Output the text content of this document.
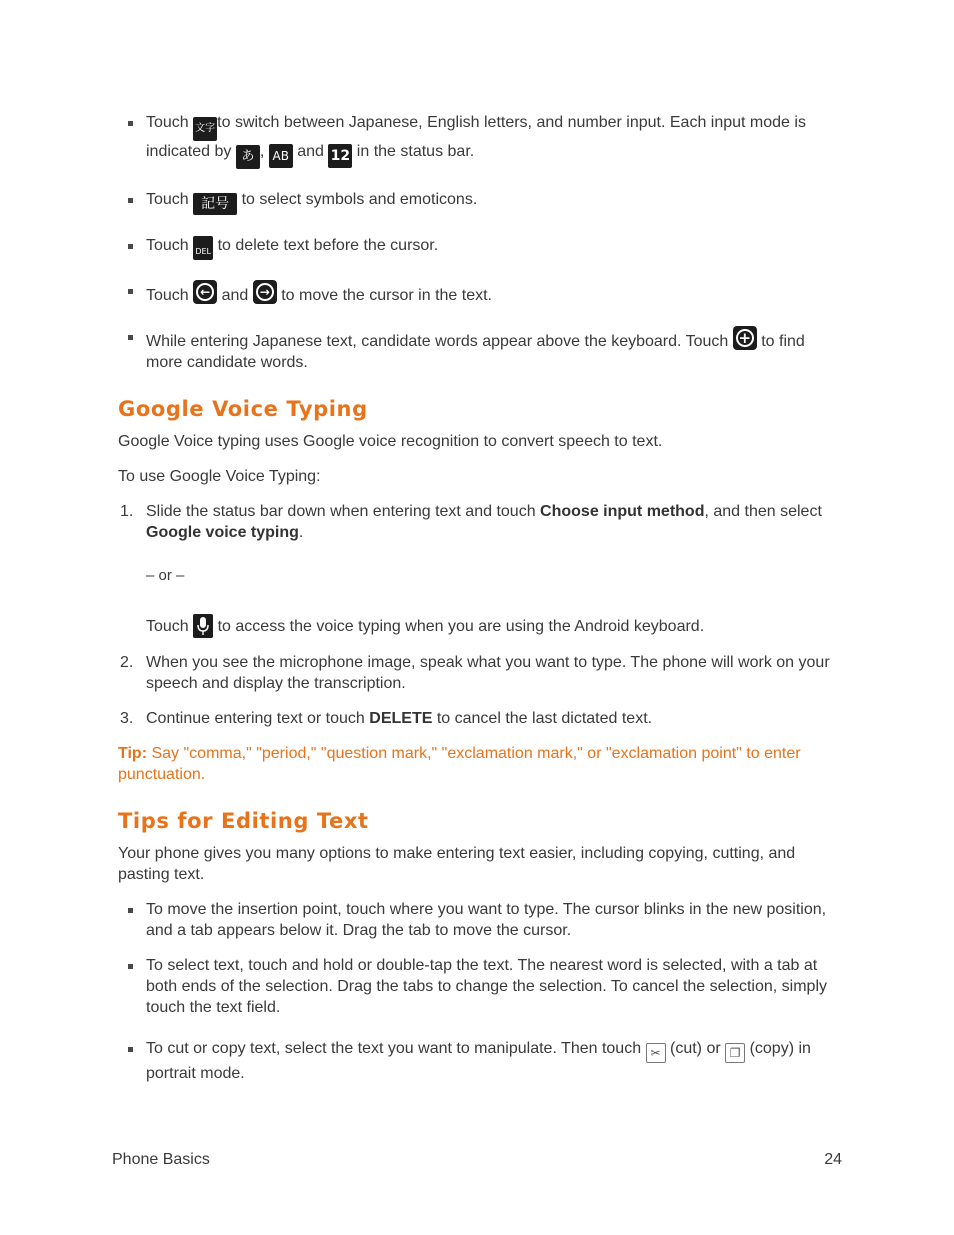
Touch 文字 to switch between Japanese, English letters, and number input. Each input mode is indicated by あ , AB and 12 in the status bar.

Touch 記号 to select symbols and emoticons.

Touch DEL to delete text before the cursor.

Touch ← and → to move the cursor in the text.

While entering Japanese text, candidate words appear above the keyboard. Touch + to find more candidate words.

Google Voice Typing

Google Voice typing uses Google voice recognition to convert speech to text.

To use Google Voice Typing:

1. Slide the status bar down when entering text and touch Choose input method, and then select Google voice typing.

– or –

Touch to access the voice typing when you are using the Android keyboard.

2. When you see the microphone image, speak what you want to type. The phone will work on your speech and display the transcription.

3. Continue entering text or touch DELETE to cancel the last dictated text.

Tip: Say "comma," "period," "question mark," "exclamation mark," or "exclamation point" to enter punctuation.

Tips for Editing Text

Your phone gives you many options to make entering text easier, including copying, cutting, and pasting text.

To move the insertion point, touch where you want to type. The cursor blinks in the new position, and a tab appears below it. Drag the tab to move the cursor.

To select text, touch and hold or double-tap the text. The nearest word is selected, with a tab at both ends of the selection. Drag the tabs to change the selection. To cancel the selection, simply touch the text field.

To cut or copy text, select the text you want to manipulate. Then touch ✂ (cut) or ❐ (copy) in portrait mode.

Phone Basics	24
